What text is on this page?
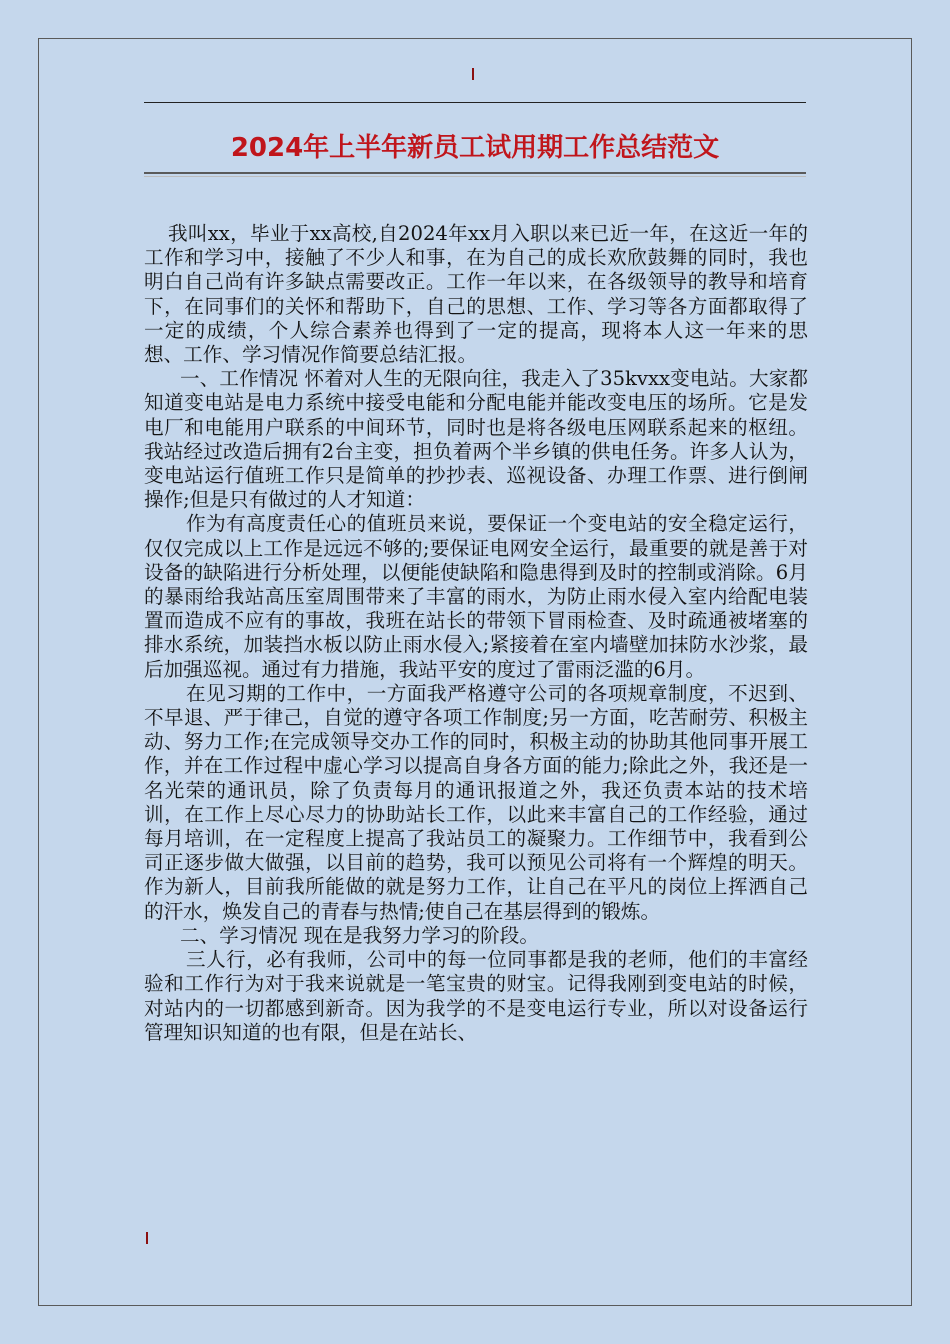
2024年上半年新员工试用期工作总结范文

我叫xx，毕业于xx高校,自2024年xx月入职以来已近一年，在这近一年的工作和学习中，接触了不少人和事，在为自己的成长欢欣鼓舞的同时，我也明白自己尚有许多缺点需要改正。工作一年以来，在各级领导的教导和培育下，在同事们的关怀和帮助下，自己的思想、工作、学习等各方面都取得了一定的成绩，个人综合素养也得到了一定的提高，现将本人这一年来的思想、工作、学习情况作简要总结汇报。

一、工作情况 怀着对人生的无限向往，我走入了35kvxx变电站。大家都知道变电站是电力系统中接受电能和分配电能并能改变电压的场所。它是发电厂和电能用户联系的中间环节，同时也是将各级电压网联系起来的枢纽。我站经过改造后拥有2台主变，担负着两个半乡镇的供电任务。许多人认为，变电站运行值班工作只是简单的抄抄表、巡视设备、办理工作票、进行倒闸操作;但是只有做过的人才知道：

作为有高度责任心的值班员来说，要保证一个变电站的安全稳定运行，仅仅完成以上工作是远远不够的;要保证电网安全运行，最重要的就是善于对设备的缺陷进行分析处理，以便能使缺陷和隐患得到及时的控制或消除。6月的暴雨给我站高压室周围带来了丰富的雨水，为防止雨水侵入室内给配电装置而造成不应有的事故，我班在站长的带领下冒雨检查、及时疏通被堵塞的排水系统，加装挡水板以防止雨水侵入;紧接着在室内墙壁加抹防水沙浆，最后加强巡视。通过有力措施，我站平安的度过了雷雨泛滥的6月。

在见习期的工作中，一方面我严格遵守公司的各项规章制度，不迟到、不早退、严于律己，自觉的遵守各项工作制度;另一方面，吃苦耐劳、积极主动、努力工作;在完成领导交办工作的同时，积极主动的协助其他同事开展工作，并在工作过程中虚心学习以提高自身各方面的能力;除此之外，我还是一名光荣的通讯员，除了负责每月的通讯报道之外，我还负责本站的技术培训，在工作上尽心尽力的协助站长工作，以此来丰富自己的工作经验，通过每月培训，在一定程度上提高了我站员工的凝聚力。工作细节中，我看到公司正逐步做大做强，以目前的趋势，我可以预见公司将有一个辉煌的明天。作为新人，目前我所能做的就是努力工作，让自己在平凡的岗位上挥洒自己的汗水，焕发自己的青春与热情;使自己在基层得到的锻炼。

二、学习情况 现在是我努力学习的阶段。

三人行，必有我师，公司中的每一位同事都是我的老师，他们的丰富经验和工作行为对于我来说就是一笔宝贵的财宝。记得我刚到变电站的时候，对站内的一切都感到新奇。因为我学的不是变电运行专业，所以对设备运行管理知识知道的也有限，但是在站长、
